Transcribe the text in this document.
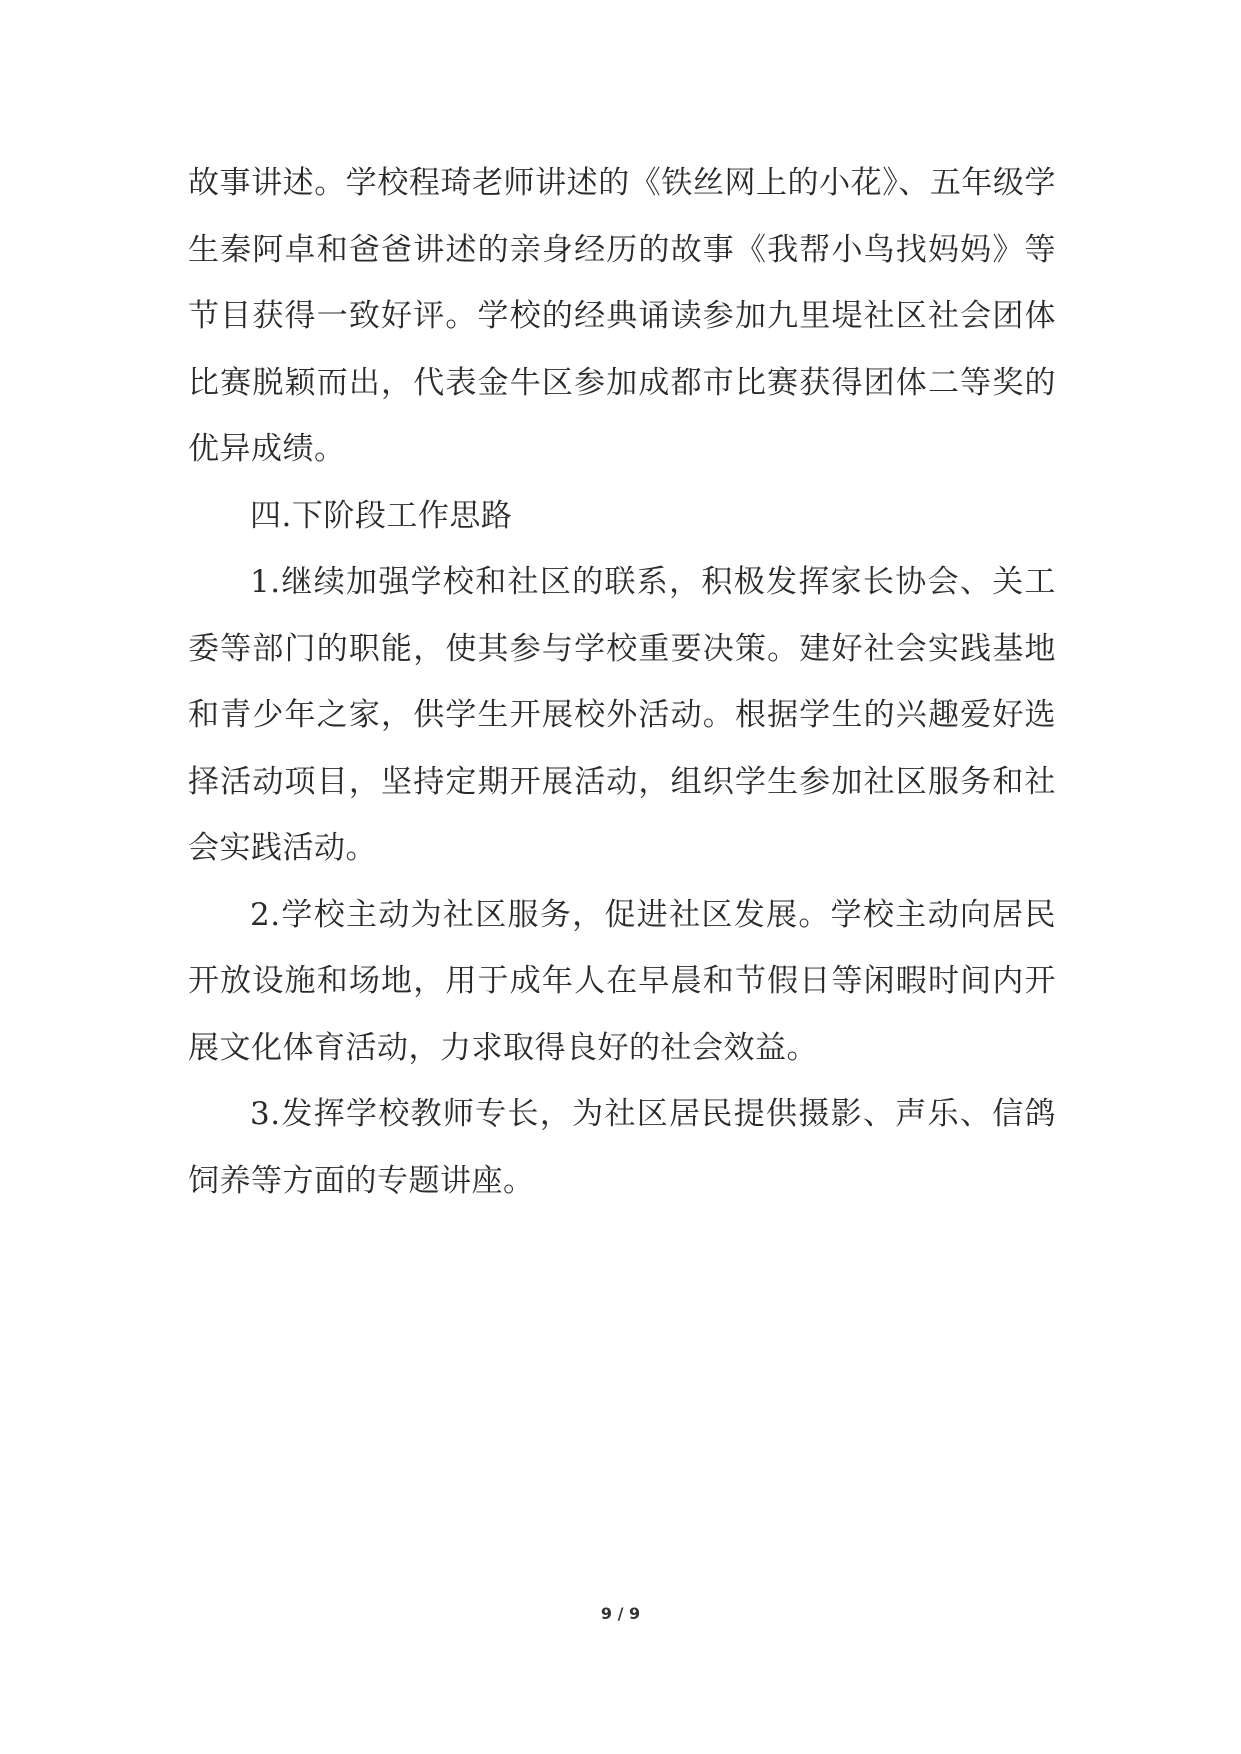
故事讲述。学校程琦老师讲述的《铁丝网上的小花》、五年级学生秦阿卓和爸爸讲述的亲身经历的故事《我帮小鸟找妈妈》等节目获得一致好评。学校的经典诵读参加九里堤社区社会团体比赛脱颖而出，代表金牛区参加成都市比赛获得团体二等奖的优异成绩。

四.下阶段工作思路

1.继续加强学校和社区的联系，积极发挥家长协会、关工委等部门的职能，使其参与学校重要决策。建好社会实践基地和青少年之家，供学生开展校外活动。根据学生的兴趣爱好选择活动项目，坚持定期开展活动，组织学生参加社区服务和社会实践活动。

2.学校主动为社区服务，促进社区发展。学校主动向居民开放设施和场地，用于成年人在早晨和节假日等闲暇时间内开展文化体育活动，力求取得良好的社会效益。

3.发挥学校教师专长，为社区居民提供摄影、声乐、信鸽饲养等方面的专题讲座。

9 / 9
